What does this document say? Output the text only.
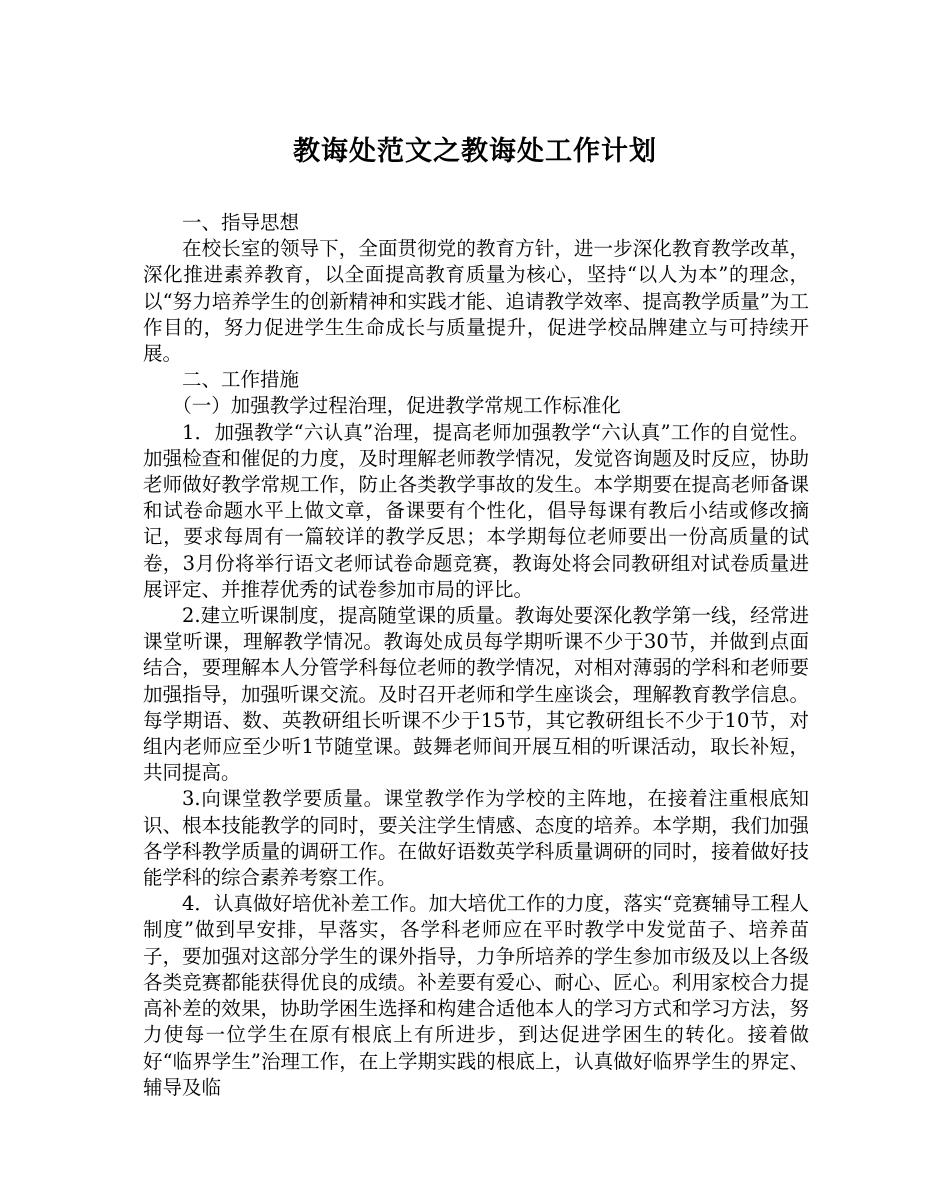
教诲处范文之教诲处工作计划

一、指导思想

在校长室的领导下，全面贯彻党的教育方针，进一步深化教育教学改革，深化推进素养教育，以全面提高教育质量为核心，坚持“以人为本”的理念，以“努力培养学生的创新精神和实践才能、追请教学效率、提高教学质量”为工作目的，努力促进学生生命成长与质量提升，促进学校品牌建立与可持续开展。

二、工作措施

（一）加强教学过程治理，促进教学常规工作标准化

1．加强教学“六认真”治理，提高老师加强教学“六认真”工作的自觉性。加强检查和催促的力度，及时理解老师教学情况，发觉咨询题及时反应，协助老师做好教学常规工作，防止各类教学事故的发生。本学期要在提高老师备课和试卷命题水平上做文章，备课要有个性化，倡导每课有教后小结或修改摘记，要求每周有一篇较详的教学反思；本学期每位老师要出一份高质量的试卷，3月份将举行语文老师试卷命题竞赛，教诲处将会同教研组对试卷质量进展评定、并推荐优秀的试卷参加市局的评比。

2.建立听课制度，提高随堂课的质量。教诲处要深化教学第一线，经常进课堂听课，理解教学情况。教诲处成员每学期听课不少于30节，并做到点面结合，要理解本人分管学科每位老师的教学情况，对相对薄弱的学科和老师要加强指导，加强听课交流。及时召开老师和学生座谈会，理解教育教学信息。每学期语、数、英教研组长听课不少于15节，其它教研组长不少于10节，对组内老师应至少听1节随堂课。鼓舞老师间开展互相的听课活动，取长补短，共同提高。

3.向课堂教学要质量。课堂教学作为学校的主阵地，在接着注重根底知识、根本技能教学的同时，要关注学生情感、态度的培养。本学期，我们加强各学科教学质量的调研工作。在做好语数英学科质量调研的同时，接着做好技能学科的综合素养考察工作。

4．认真做好培优补差工作。加大培优工作的力度，落实“竞赛辅导工程人制度”做到早安排，早落实，各学科老师应在平时教学中发觉苗子、培养苗子，要加强对这部分学生的课外指导，力争所培养的学生参加市级及以上各级各类竞赛都能获得优良的成绩。补差要有爱心、耐心、匠心。利用家校合力提高补差的效果，协助学困生选择和构建合适他本人的学习方式和学习方法，努力使每一位学生在原有根底上有所进步，到达促进学困生的转化。接着做好“临界学生”治理工作，在上学期实践的根底上，认真做好临界学生的界定、辅导及临
